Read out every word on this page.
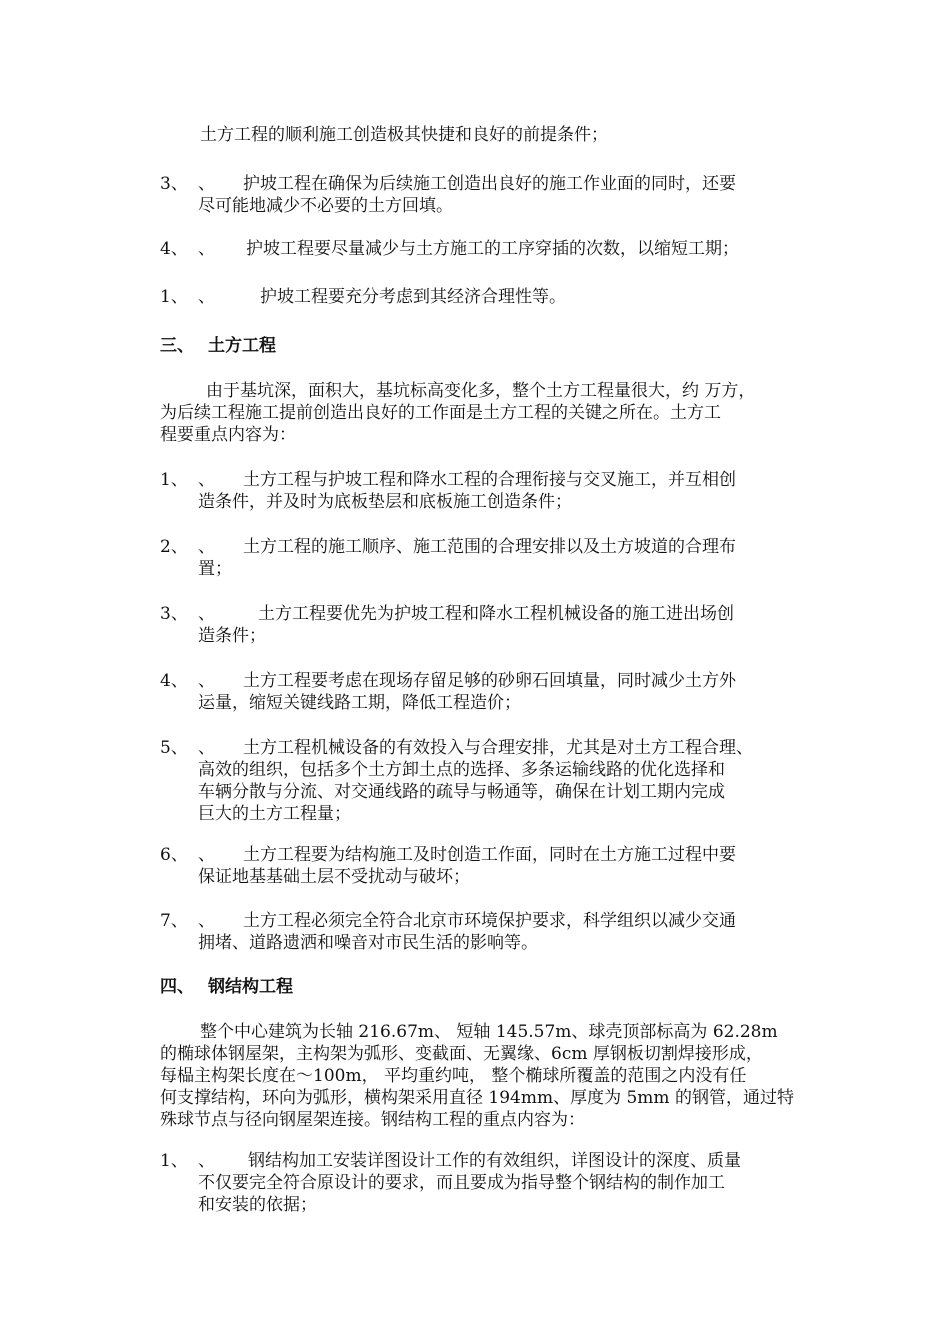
土方工程的顺利施工创造极其快捷和良好的前提条件；
3、 、 护坡工程在确保为后续施工创造出良好的施工作业面的同时，还要
尽可能地减少不必要的土方回填。
4、 、 护坡工程要尽量减少与土方施工的工序穿插的次数，以缩短工期；
1、 、	护坡工程要充分考虑到其经济合理性等。
三、 土方工程
由于基坑深，面积大，基坑标高变化多，整个土方工程量很大，约 万方，
为后续工程施工提前创造出良好的工作面是土方工程的关键之所在。土方工
程要重点内容为：
1、 、 土方工程与护坡工程和降水工程的合理衔接与交叉施工，并互相创
造条件，并及时为底板垫层和底板施工创造条件；
2、 、 土方工程的施工顺序、施工范围的合理安排以及土方坡道的合理布
置；
3、 、	土方工程要优先为护坡工程和降水工程机械设备的施工进出场创
造条件；
4、 、 土方工程要考虑在现场存留足够的砂卵石回填量，同时减少土方外
运量，缩短关键线路工期，降低工程造价；
5、 、 土方工程机械设备的有效投入与合理安排，尤其是对土方工程合理、
高效的组织，包括多个土方卸土点的选择、多条运输线路的优化选择和
车辆分散与分流、对交通线路的疏导与畅通等，确保在计划工期内完成
巨大的土方工程量；
6、 、 土方工程要为结构施工及时创造工作面，同时在土方施工过程中要
保证地基基础土层不受扰动与破坏；
7、 、 土方工程必须完全符合北京市环境保护要求，科学组织以减少交通
拥堵、道路遗洒和噪音对市民生活的影响等。
四、 钢结构工程
整个中心建筑为长轴 216.67m、 短轴 145.57m、球壳顶部标高为 62.28m
的椭球体钢屋架，主构架为弧形、变截面、无翼缘、6cm 厚钢板切割焊接形成，
每榀主构架长度在～100m， 平均重约吨， 整个椭球所覆盖的范围之内没有任
何支撑结构，环向为弧形，横构架采用直径 194mm、厚度为 5mm 的钢管，通过特
殊球节点与径向钢屋架连接。钢结构工程的重点内容为：
1、 、 钢结构加工安装详图设计工作的有效组织，详图设计的深度、质量
不仅要完全符合原设计的要求，而且要成为指导整个钢结构的制作加工
和安装的依据；
